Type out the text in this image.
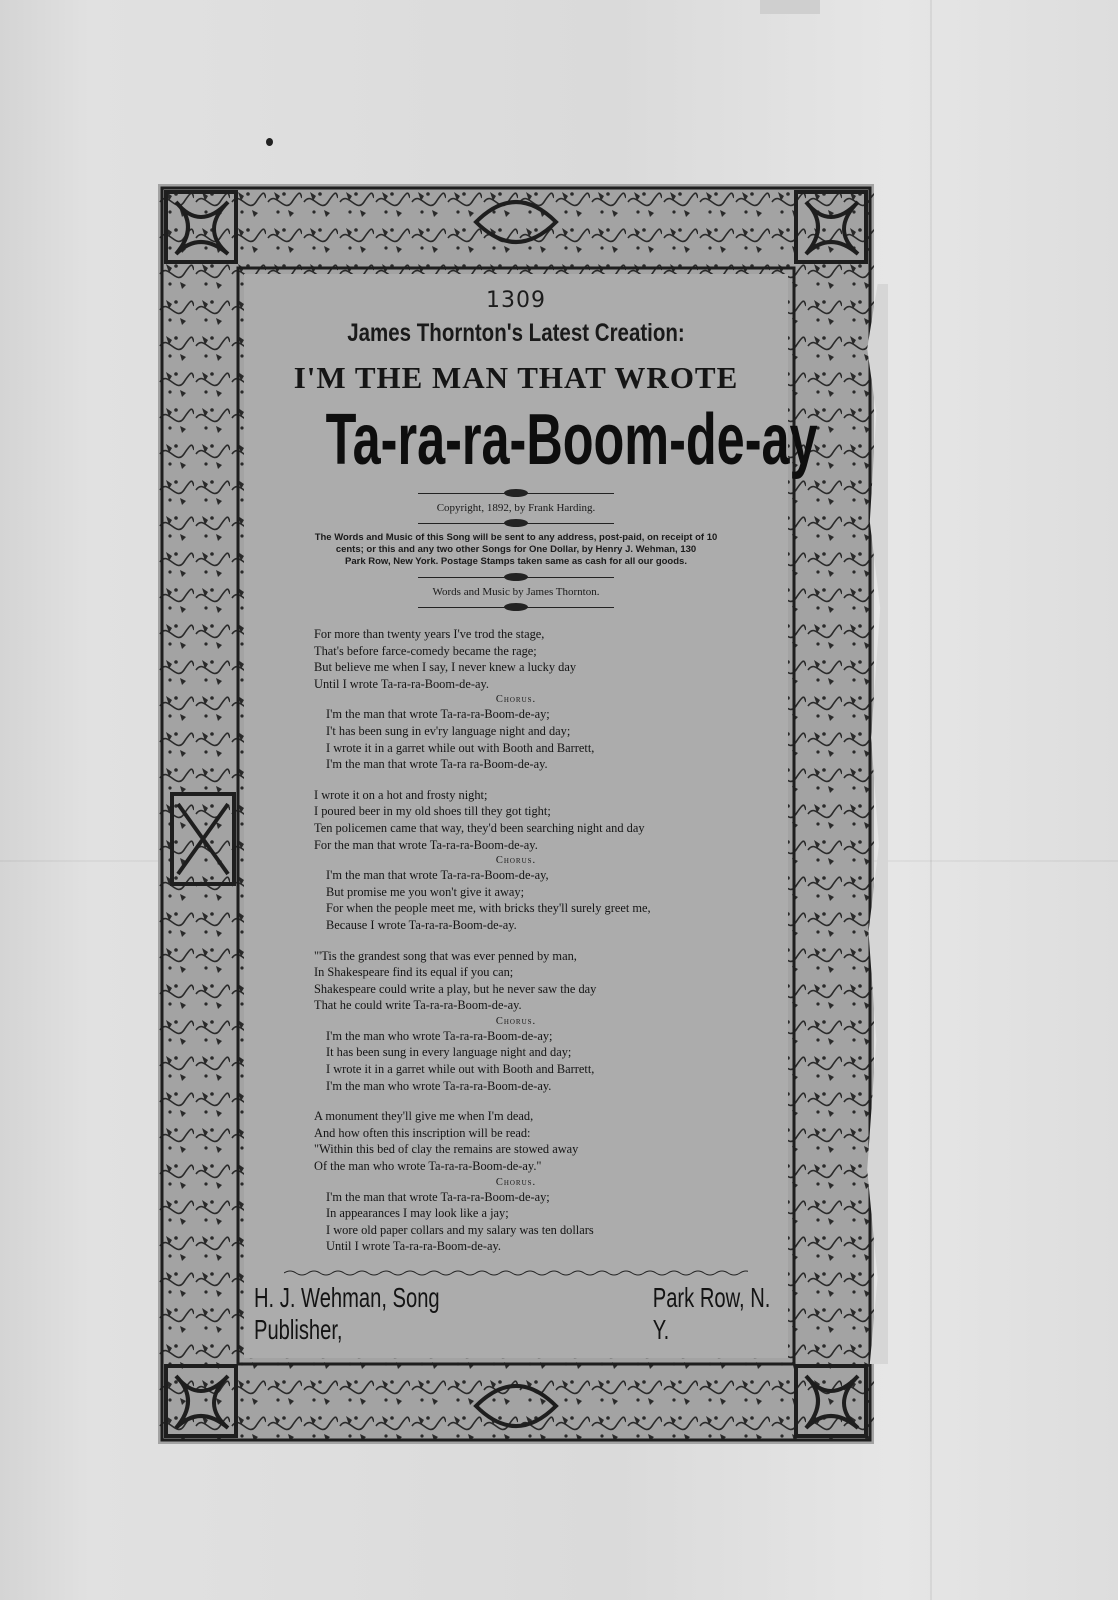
1309
James Thornton's Latest Creation:
I'M THE MAN THAT WROTE
Ta-ra-ra-Boom-de-ay
Copyright, 1892, by Frank Harding.
The Words and Music of this Song will be sent to any address, post-paid, on receipt of 10
cents; or this and any two other Songs for One Dollar, by Henry J. Wehman, 130
Park Row, New York. Postage Stamps taken same as cash for all our goods.
Words and Music by James Thornton.
For more than twenty years I've trod the stage,
That's before farce-comedy became the rage;
But believe me when I say, I never knew a lucky day
Until I wrote Ta-ra-ra-Boom-de-ay.
Chorus.
I'm the man that wrote Ta-ra-ra-Boom-de-ay;
I't has been sung in ev'ry language night and day;
I wrote it in a garret while out with Booth and Barrett,
I'm the man that wrote Ta-ra ra-Boom-de-ay.
I wrote it on a hot and frosty night;
I poured beer in my old shoes till they got tight;
Ten policemen came that way, they'd been searching night and day
For the man that wrote Ta-ra-ra-Boom-de-ay.
Chorus.
I'm the man that wrote Ta-ra-ra-Boom-de-ay,
But promise me you won't give it away;
For when the people meet me, with bricks they'll surely greet me,
Because I wrote Ta-ra-ra-Boom-de-ay.
"'Tis the grandest song that was ever penned by man,
In Shakespeare find its equal if you can;
Shakespeare could write a play, but he never saw the day
That he could write Ta-ra-ra-Boom-de-ay.
Chorus.
I'm the man who wrote Ta-ra-ra-Boom-de-ay;
It has been sung in every language night and day;
I wrote it in a garret while out with Booth and Barrett,
I'm the man who wrote Ta-ra-ra-Boom-de-ay.
A monument they'll give me when I'm dead,
And how often this inscription will be read:
"Within this bed of clay the remains are stowed away
Of the man who wrote Ta-ra-ra-Boom-de-ay."
Chorus.
I'm the man that wrote Ta-ra-ra-Boom-de-ay;
In appearances I may look like a jay;
I wore old paper collars and my salary was ten dollars
Until I wrote Ta-ra-ra-Boom-de-ay.
H. J. Wehman, Song Publisher,
Park Row, N. Y.
